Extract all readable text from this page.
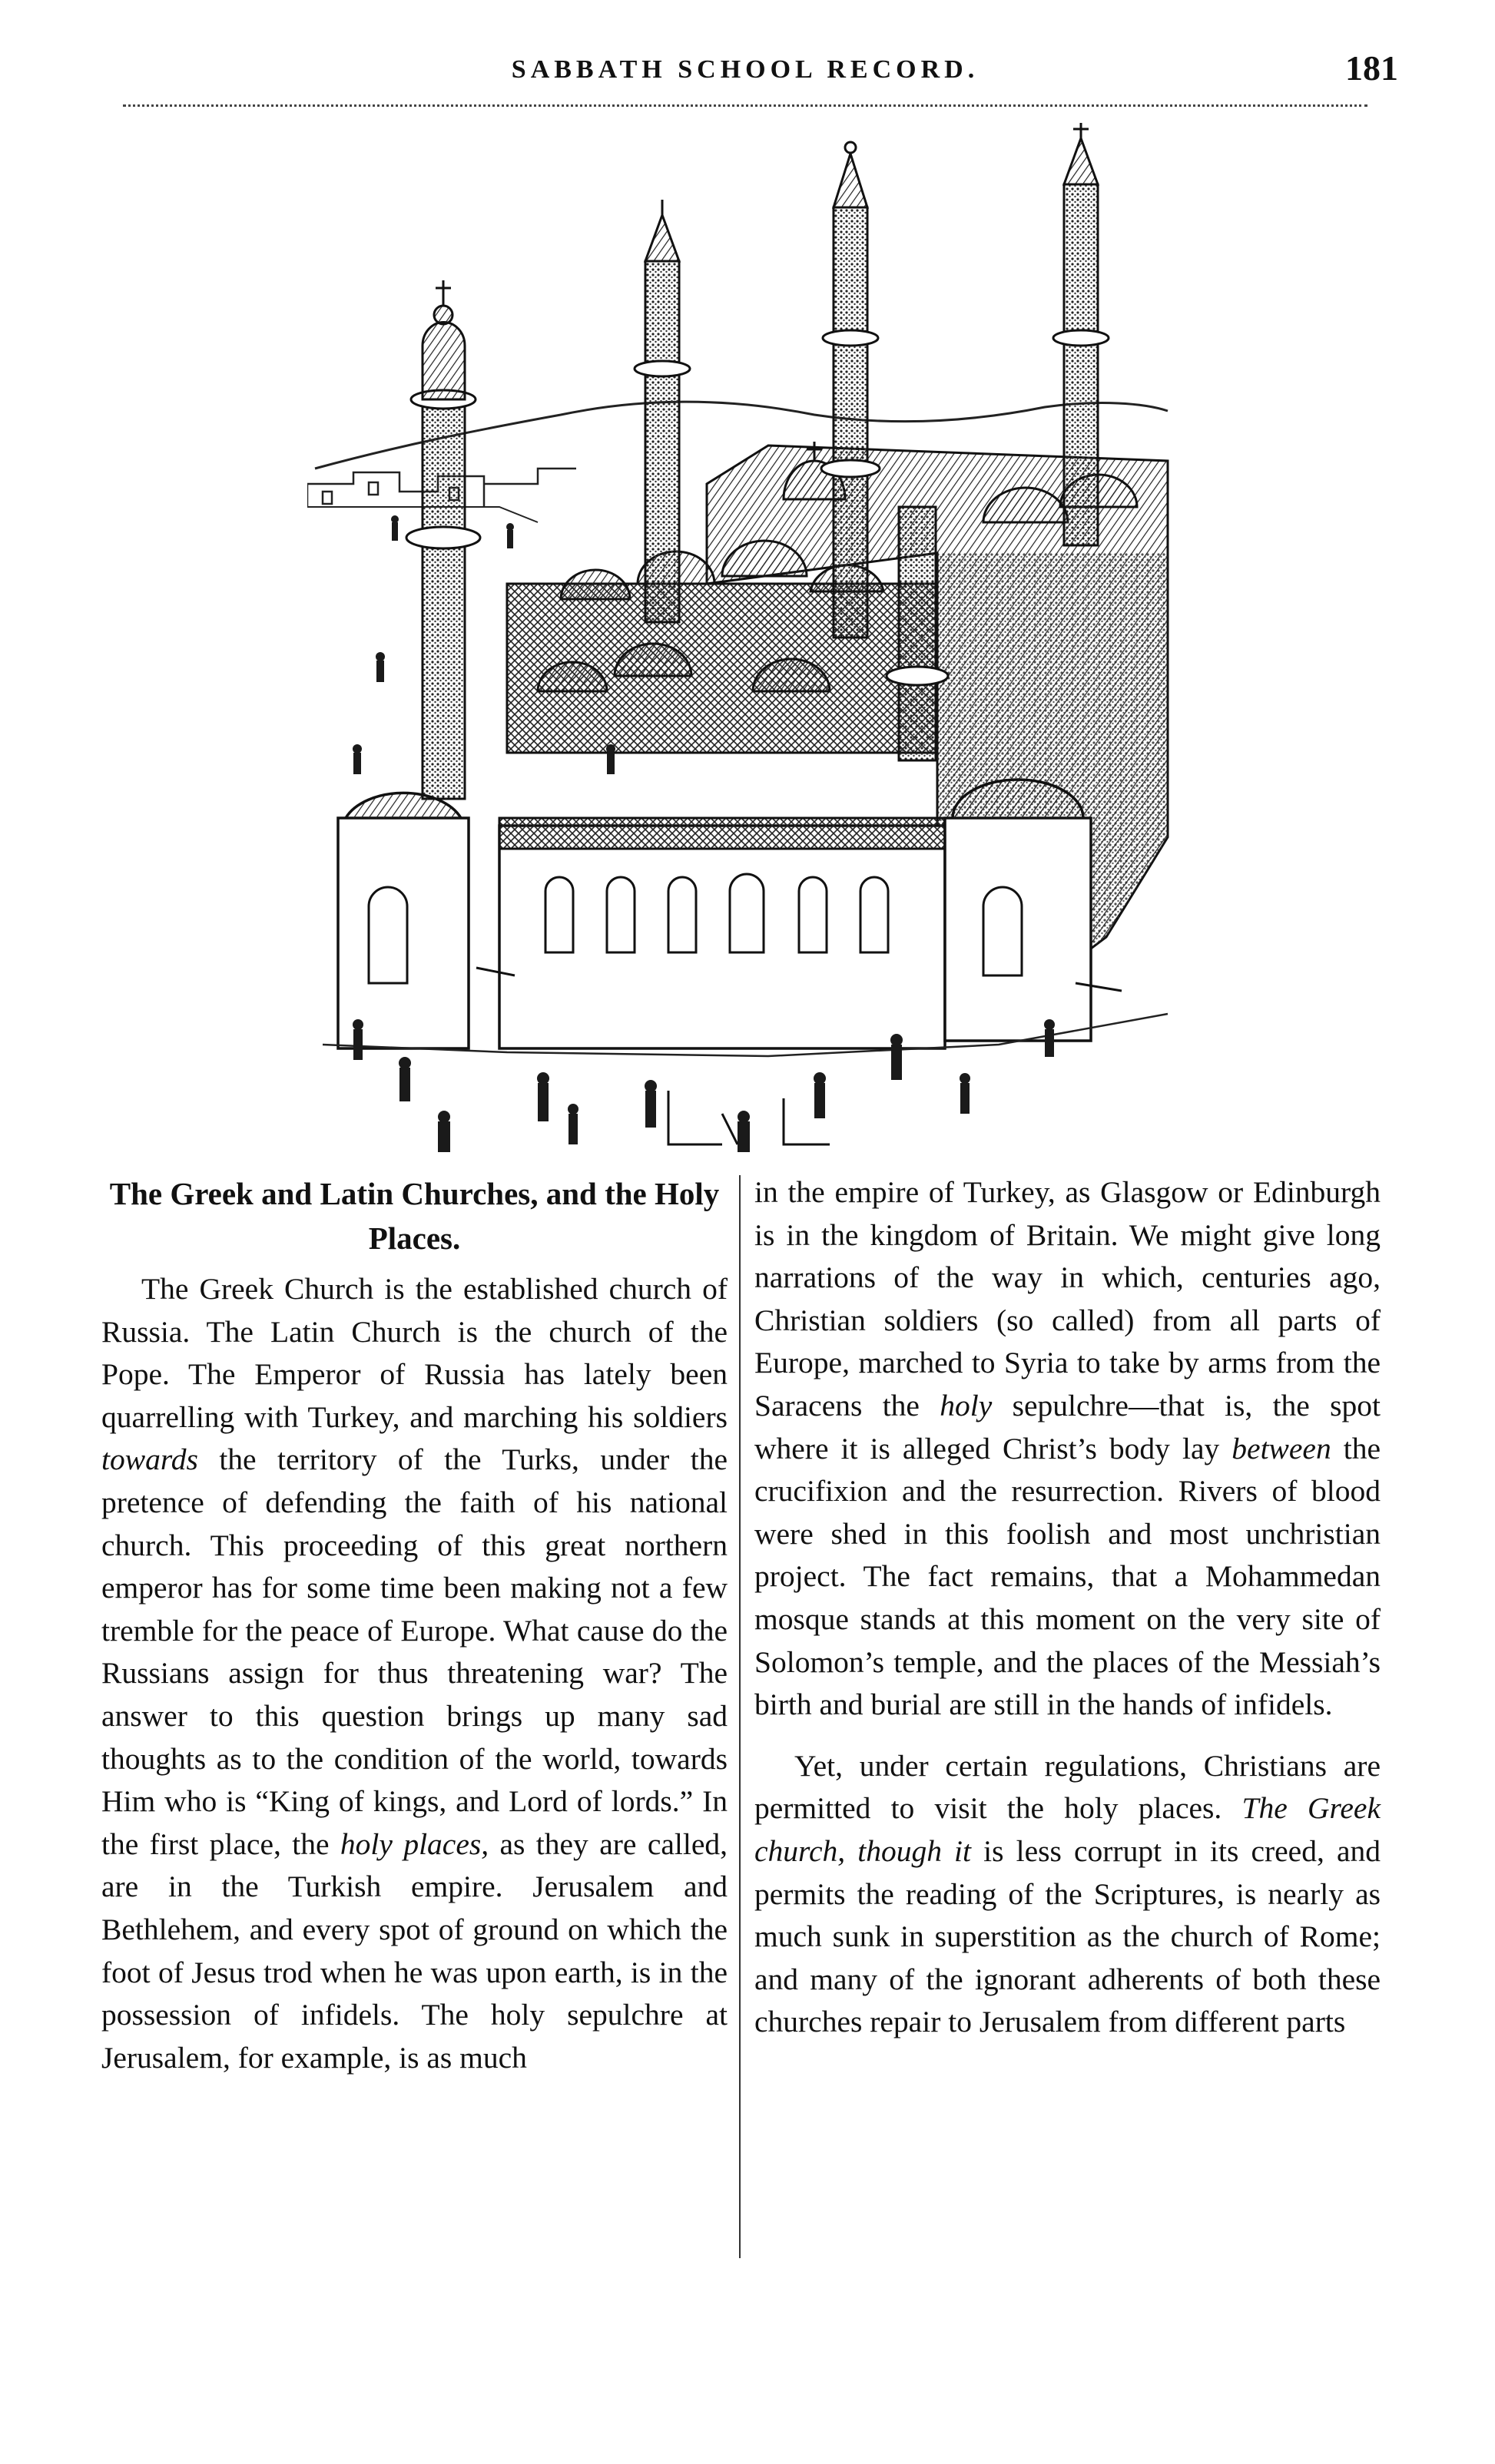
SABBATH SCHOOL RECORD.	181
The Greek and Latin Churches, and the Holy Places.

The Greek Church is the established church of Russia. The Latin Church is the church of the Pope. The Emperor of Russia has lately been quarrelling with Turkey, and marching his soldiers towards the territory of the Turks, under the pretence of defending the faith of his national church. This proceeding of this great northern emperor has for some time been making not a few tremble for the peace of Europe. What cause do the Russians assign for thus threatening war? The answer to this question brings up many sad thoughts as to the condition of the world, towards Him who is “King of kings, and Lord of lords.” In the first place, the holy places, as they are called, are in the Turkish empire. Jerusalem and Bethlehem, and every spot of ground on which the foot of Jesus trod when he was upon earth, is in the possession of infidels. The holy sepulchre at Jerusalem, for example, is as much

in the empire of Turkey, as Glasgow or Edinburgh is in the kingdom of Britain. We might give long narrations of the way in which, centuries ago, Christian soldiers (so called) from all parts of Europe, marched to Syria to take by arms from the Saracens the holy sepulchre—that is, the spot where it is alleged Christ’s body lay between the crucifixion and the resurrection. Rivers of blood were shed in this foolish and most unchristian project. The fact remains, that a Mohammedan mosque stands at this moment on the very site of Solomon’s temple, and the places of the Messiah’s birth and burial are still in the hands of infidels.

Yet, under certain regulations, Christians are permitted to visit the holy places. The Greek church, though it is less corrupt in its creed, and permits the reading of the Scriptures, is nearly as much sunk in superstition as the church of Rome; and many of the ignorant adherents of both these churches repair to Jerusalem from different parts
